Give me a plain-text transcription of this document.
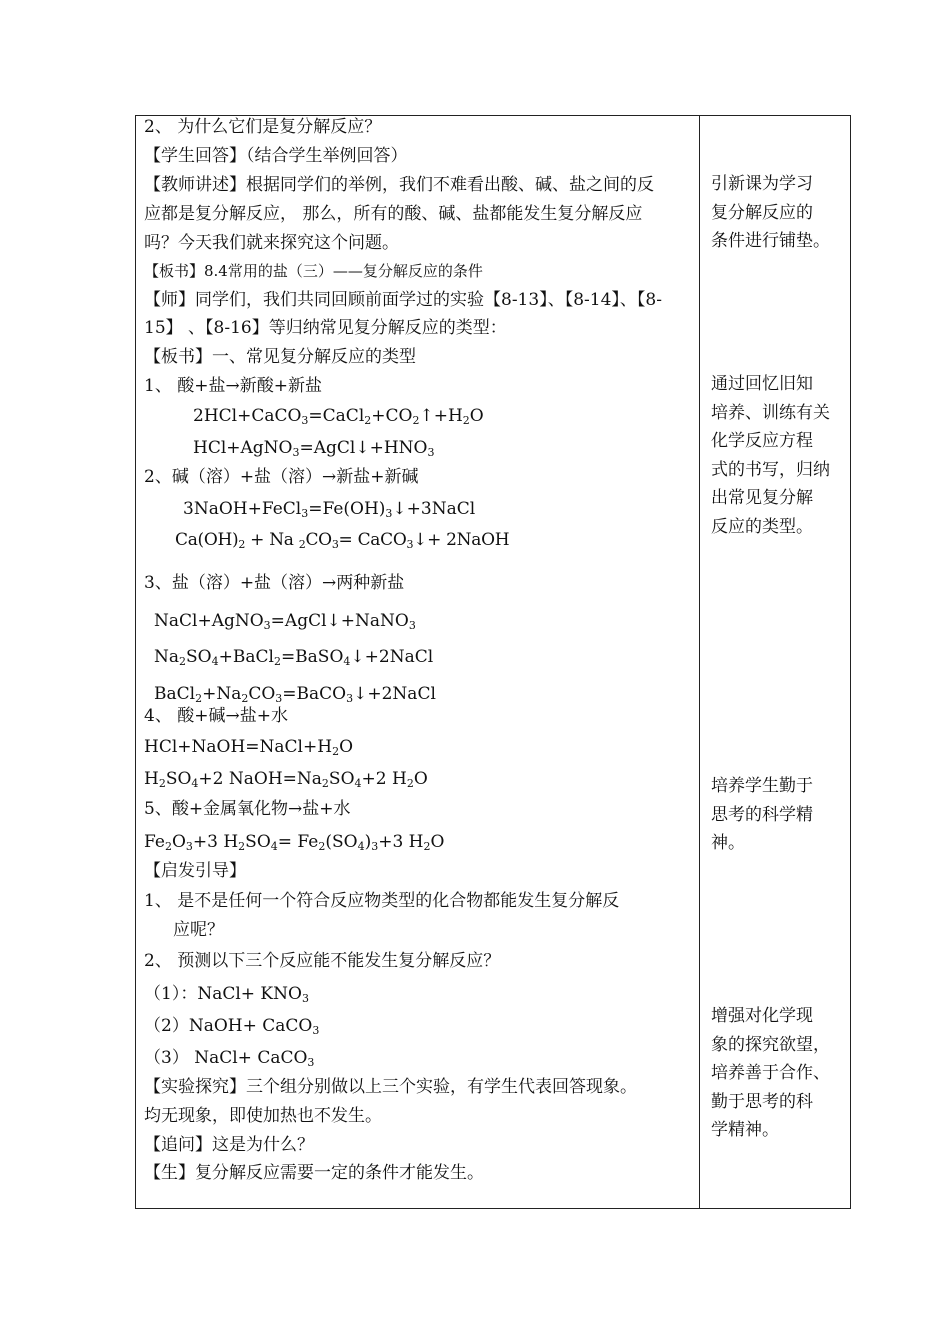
2、 为什么它们是复分解反应？
【学生回答】（结合学生举例回答）
【教师讲述】根据同学们的举例，我们不难看出酸、碱、盐之间的反
应都是复分解反应， 那么，所有的酸、碱、盐都能发生复分解反应
吗？今天我们就来探究这个问题。
【板书】8.4常用的盐（三）——复分解反应的条件
【师】同学们，我们共同回顾前面学过的实验【8-13】、【8-14】、【8-
15】 、【8-16】等归纳常见复分解反应的类型：
【板书】一、常见复分解反应的类型
1、 酸+盐→新酸+新盐
$2HCl+CaCO_3=CaCl_2+CO_2↑+H_2O$
$HCl+AgNO_3=AgCl↓+HNO_3$
2、碱（溶）+盐（溶）→新盐+新碱
$3NaOH+FeCl_3=Fe(OH)_3↓+3NaCl$
$Ca(OH)_2 + Na$ $_2CO_3=$ CaCO$_3$↓+ 2NaOH
3、盐（溶）+盐（溶）→两种新盐
NaCl+AgNO$_3$=AgCl↓+NaNO$_3$
$Na_2SO_4+BaCl_2=BaSO_4↓+2NaCl$
$BaCl_2+Na_2CO_3=BaCO_3↓+2NaCl$
4、 酸+碱→盐+水
$HCl+NaOH=NaCl+H_2O$
$H_2SO_4+2$ $NaOH=Na_2SO_4+2$ $H_2O$
5、酸+金属氧化物→盐+水
$Fe_2O_3+3$ $H_2SO_4= Fe_2(SO_4)_3+3$ $H_2O$
【启发引导】
1、 是不是任何一个符合反应物类型的化合物都能发生复分解反
应呢？
2、 预测以下三个反应能不能发生复分解反应？
（1）：NaCl+ $KNO_3$
（2）NaOH+ CaCO$_3$
（3） NaCl+ CaCO$_3$
【实验探究】三个组分别做以上三个实验，有学生代表回答现象。
均无现象，即使加热也不发生。
【追问】这是为什么？
【生】复分解反应需要一定的条件才能发生。
引新课为学习
复分解反应的
条件进行铺垫。
通过回忆旧知
培养、训练有关
化学反应方程
式的书写，归纳
出常见复分解
反应的类型。
培养学生勤于
思考的科学精
神。
增强对化学现
象的探究欲望，
培养善于合作、
勤于思考的科
学精神。
